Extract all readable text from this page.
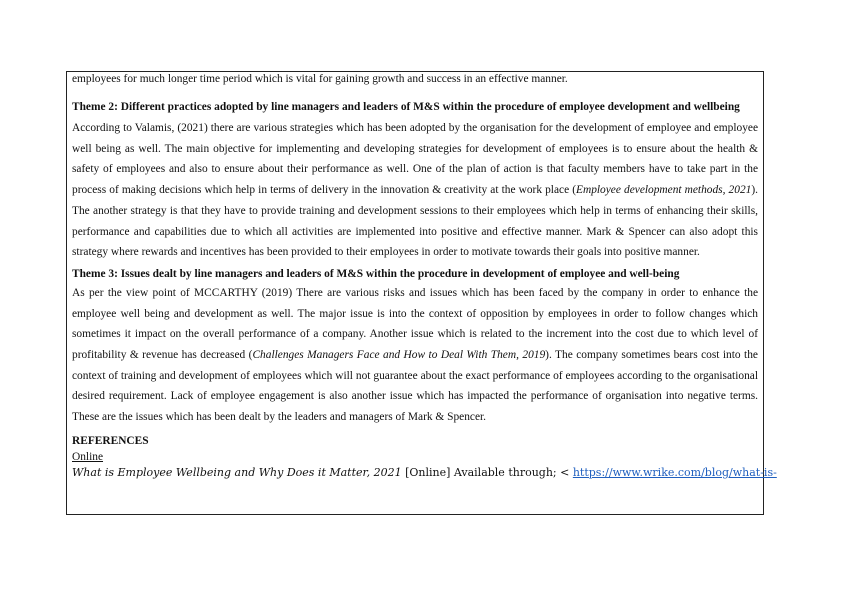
employees for much longer time period which is vital for gaining growth and success in an effective manner.

Theme 2: Different practices adopted by line managers and leaders of M&S within the procedure of employee development and wellbeing

According to Valamis, (2021) there are various strategies which has been adopted by the organisation for the development of employee and employee well being as well. The main objective for implementing and developing strategies for development of employees is to ensure about the health & safety of employees and also to ensure about their performance as well. One of the plan of action is that faculty members have to take part in the process of making decisions which help in terms of delivery in the innovation & creativity at the work place (Employee development methods, 2021). The another strategy is that they have to provide training and development sessions to their employees which help in terms of enhancing their skills, performance and capabilities due to which all activities are implemented into positive and effective manner. Mark & Spencer can also adopt this strategy where rewards and incentives has been provided to their employees in order to motivate towards their goals into positive manner.

Theme 3: Issues dealt by line managers and leaders of M&S within the procedure in development of employee and well-being

As per the view point of MCCARTHY (2019) There are various risks and issues which has been faced by the company in order to enhance the employee well being and development as well. The major issue is into the context of opposition by employees in order to follow changes which sometimes it impact on the overall performance of a company. Another issue which is related to the increment into the cost due to which level of profitability & revenue has decreased (Challenges Managers Face and How to Deal With Them, 2019). The company sometimes bears cost into the context of training and development of employees which will not guarantee about the exact performance of employees according to the organisational desired requirement. Lack of employee engagement is also another issue which has impacted the performance of organisation into negative terms. These are the issues which has been dealt by the leaders and managers of Mark & Spencer.

REFERENCES

Online

What is Employee Wellbeing and Why Does it Matter, 2021 [Online] Available through; < https://www.wrike.com/blog/what-is-
